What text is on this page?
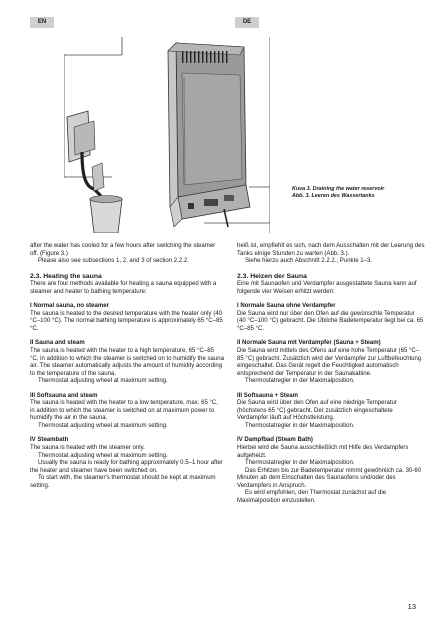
EN	DE
Kuva 3. Draining the water reservoir
Abb. 3. Leeren des Wassertanks

after the water has cooled for a few hours after switching the steamer off. (Figure 3.)

Please also see subsections 1, 2, and 3 of section 2.2.2.

2.3. Heating the sauna

There are four methods available for heating a sauna equipped with a steamer and heater to bathing temperature:

I Normal sauna, no steamer

The sauna is heated to the desired temperature with the heater only (40 °C–100 °C). The normal bathing temperature is approximately 65 °C–85 °C.

II Sauna and steam

The sauna is heated with the heater to a high temperature, 65 °C–85 °C, in addition to which the steamer is switched on to humidify the sauna air. The steamer automatically adjusts the amount of humidity according to the temperature of the sauna.

Thermostat adjusting wheel at maximum setting.

III Softsauna and steam

The sauna is heated with the heater to a low temperature, max. 65 °C, in addition to which the steamer is switched on at maximum power to humidify the air in the sauna.

Thermostat adjusting wheel at maximum setting.

IV Steambath

The sauna is heated with the steamer only.

Thermostat adjusting wheel at maximum setting.

Usually the sauna is ready for bathing approximately 0.5–1 hour after the heater and steamer have been switched on.

To start with, the steamer's thermostat should be kept at maximum setting.

heiß ist, empfiehlt es sich, nach dem Ausschalten mit der Leerung des Tanks einige Stunden zu warten (Abb. 3.).

Siehe hierzu auch Abschnitt 2.2.2., Punkte 1–3.

2.3. Heizen der Sauna

Eine mit Saunaofen und Verdampfer ausgestattete Sauna kann auf folgende vier Weisen erhitzt werden:

I Normale Sauna ohne Verdampfer

Die Sauna wird nur über den Ofen auf die gewünschte Temperatur (40 °C–100 °C) gebracht. Die Übliche Badetemperatur liegt bei ca. 65 °C–85 °C.

II Normale Sauna mit Verdampfer (Sauna + Steam)

Die Sauna wird mittels des Ofens auf eine hohe Temperatur (65 °C–85 °C) gebracht. Zusätzlich wird der Verdampfer zur Luftbefeuchtung eingeschaltet. Das Gerät regelt die Feuchtigkeit automatisch entsprechend der Temperatur in der Saunakabine.

Thermostatregler in der Maximalposition.

III Softsauna + Steam

Die Sauna wird über den Ofen auf eine niedrige Temperatur (höchstens 65 °C) gebracht. Der zusätzlich eingeschaltete Verdampfer läuft auf Höchstleistung.

Thermostatregler in der Maximalposition.

IV Dampfbad (Steam Bath)

Hierbei wird die Sauna ausschließlich mit Hilfe des Verdampfers aufgeheizt.

Thermostatregler in der Maximalposition.

Das Erhitzen bis zur Badetemperatur nimmt gewöhnlich ca. 30-60 Minuten ab dem Einschalten des Saunaofens und/oder des Verdampfers in Anspruch.

Es wird empfohlen, den Thermostat zunächst auf die Maximalposition einzustellen.

13
